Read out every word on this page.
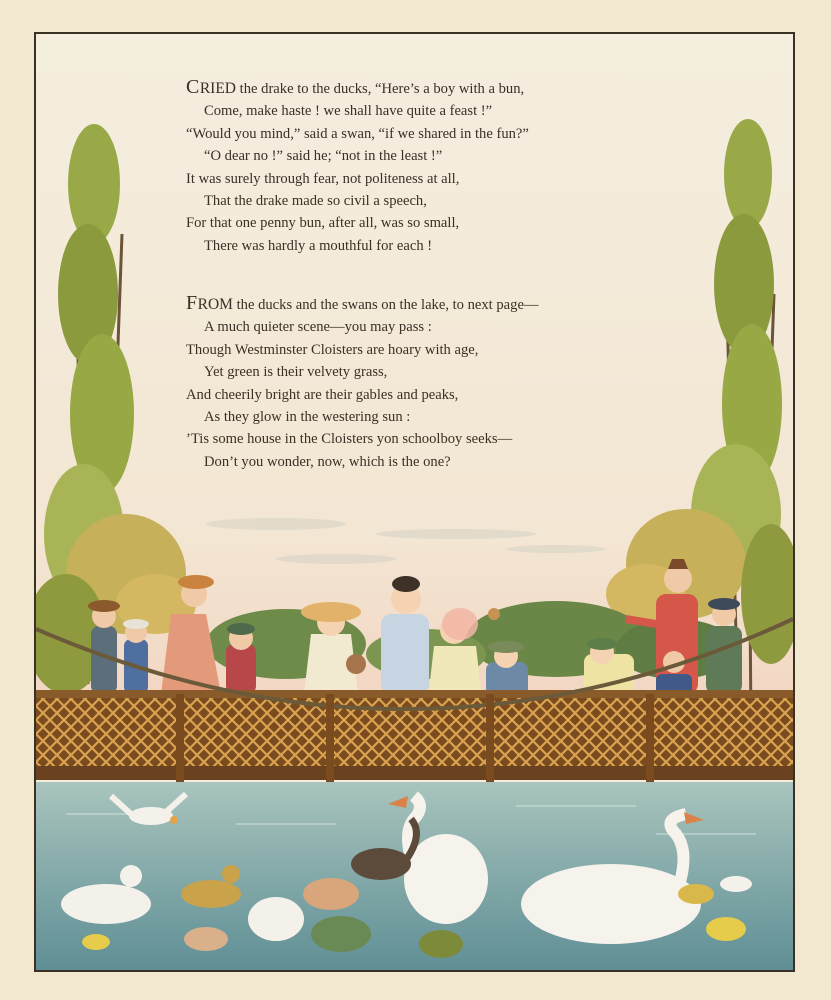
CRIED the drake to the ducks, “Here’s a boy with a bun,
Come, make haste ! we shall have quite a feast !”
“Would you mind,” said a swan, “if we shared in the fun?”
“O dear no !” said he; “not in the least !”
It was surely through fear, not politeness at all,
That the drake made so civil a speech,
For that one penny bun, after all, was so small,
There was hardly a mouthful for each !
FROM the ducks and the swans on the lake, to next page—
A much quieter scene—you may pass :
Though Westminster Cloisters are hoary with age,
Yet green is their velvety grass,
And cheerily bright are their gables and peaks,
As they glow in the westering sun :
’Tis some house in the Cloisters yon schoolboy seeks—
Don’t you wonder, now, which is the one?
